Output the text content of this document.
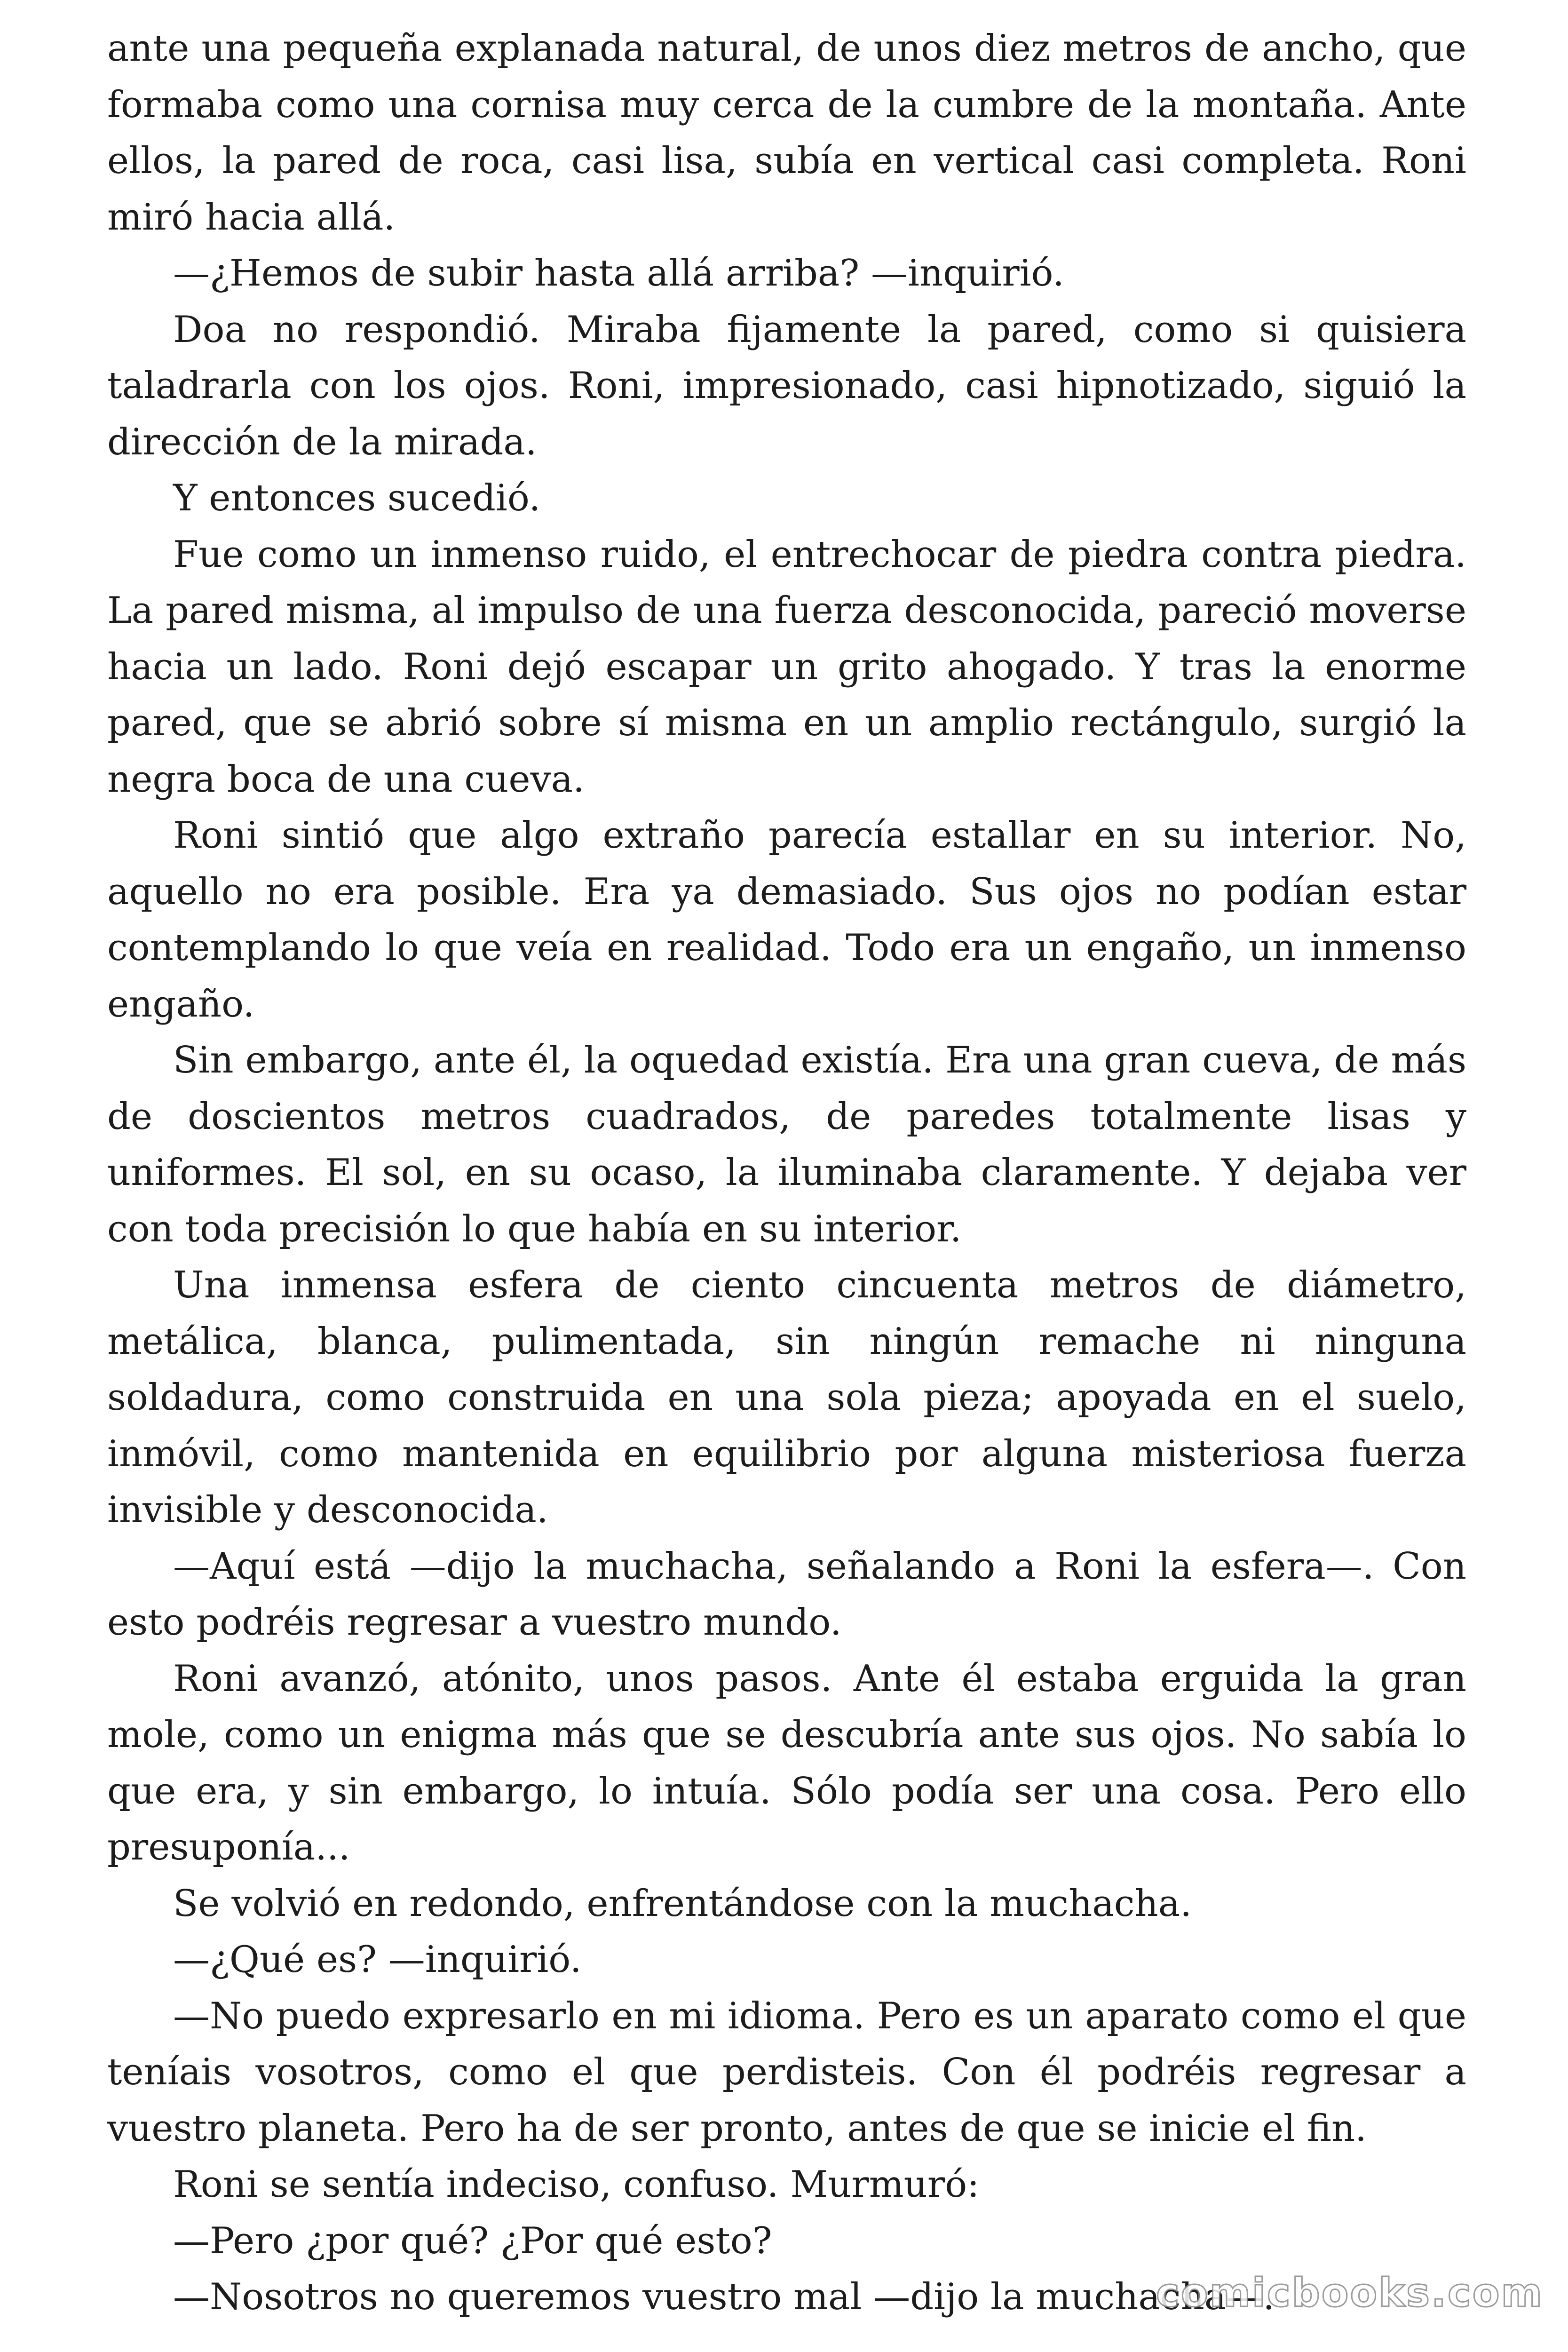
ante una pequeña explanada natural, de unos diez metros de ancho, que formaba como una cornisa muy cerca de la cumbre de la montaña. Ante ellos, la pared de roca, casi lisa, subía en vertical casi completa. Roni miró hacia allá.

—¿Hemos de subir hasta allá arriba? —inquirió.

Doa no respondió. Miraba fijamente la pared, como si quisiera taladrarla con los ojos. Roni, impresionado, casi hipnotizado, siguió la dirección de la mirada.

Y entonces sucedió.

Fue como un inmenso ruido, el entrechocar de piedra contra piedra. La pared misma, al impulso de una fuerza desconocida, pareció moverse hacia un lado. Roni dejó escapar un grito ahogado. Y tras la enorme pared, que se abrió sobre sí misma en un amplio rectángulo, surgió la negra boca de una cueva.

Roni sintió que algo extraño parecía estallar en su interior. No, aquello no era posible. Era ya demasiado. Sus ojos no podían estar contemplando lo que veía en realidad. Todo era un engaño, un inmenso engaño.

Sin embargo, ante él, la oquedad existía. Era una gran cueva, de más de doscientos metros cuadrados, de paredes totalmente lisas y uniformes. El sol, en su ocaso, la iluminaba claramente. Y dejaba ver con toda precisión lo que había en su interior.

Una inmensa esfera de ciento cincuenta metros de diámetro, metálica, blanca, pulimentada, sin ningún remache ni ninguna soldadura, como construida en una sola pieza; apoyada en el suelo, inmóvil, como mantenida en equilibrio por alguna misteriosa fuerza invisible y desconocida.

—Aquí está —dijo la muchacha, señalando a Roni la esfera—. Con esto podréis regresar a vuestro mundo.

Roni avanzó, atónito, unos pasos. Ante él estaba erguida la gran mole, como un enigma más que se descubría ante sus ojos. No sabía lo que era, y sin embargo, lo intuía. Sólo podía ser una cosa. Pero ello presuponía...

Se volvió en redondo, enfrentándose con la muchacha.

—¿Qué es? —inquirió.

—No puedo expresarlo en mi idioma. Pero es un aparato como el que teníais vosotros, como el que perdisteis. Con él podréis regresar a vuestro planeta. Pero ha de ser pronto, antes de que se inicie el fin.

Roni se sentía indeciso, confuso. Murmuró:

—Pero ¿por qué? ¿Por qué esto?

—Nosotros no queremos vuestro mal —dijo la muchacha—.

comicbooks.com
